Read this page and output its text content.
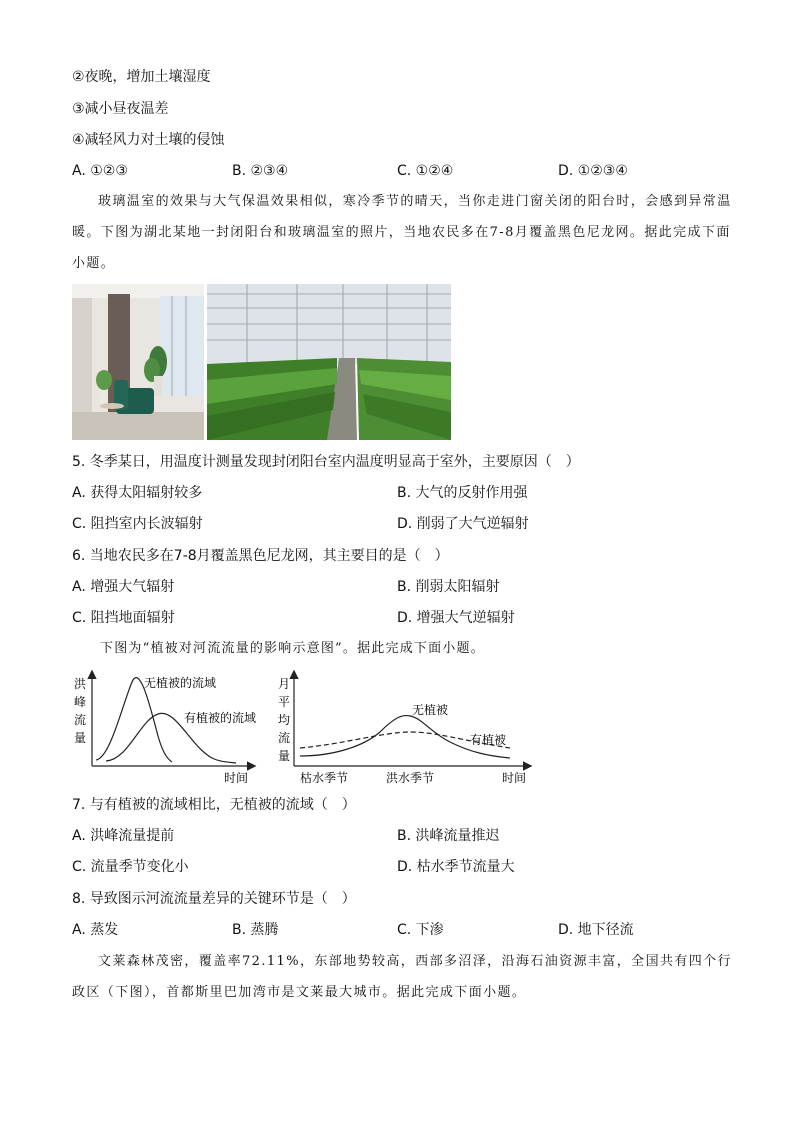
②夜晚，增加土壤湿度
③减小昼夜温差
④减轻风力对土壤的侵蚀
A. ①②③	B. ②③④	C. ①②④	D. ①②③④
玻璃温室的效果与大气保温效果相似，寒冷季节的晴天，当你走进门窗关闭的阳台时，会感到异常温暖。下图为湖北某地一封闭阳台和玻璃温室的照片，当地农民多在7-8月覆盖黑色尼龙网。据此完成下面小题。
5. 冬季某日，用温度计测量发现封闭阳台室内温度明显高于室外，主要原因（　）
A. 获得太阳辐射较多	B. 大气的反射作用强
C. 阻挡室内长波辐射	D. 削弱了大气逆辐射
6. 当地农民多在7-8月覆盖黑色尼龙网，其主要目的是（　）
A. 增强大气辐射	B. 削弱太阳辐射
C. 阻挡地面辐射	D. 增强大气逆辐射
下图为“植被对河流流量的影响示意图”。据此完成下面小题。
洪
峰
流
量
时间
无植被的流域
有植被的流域
月
平
均
流
量
无植被
有植被
枯水季节	洪水季节	时间
7. 与有植被的流域相比，无植被的流域（　）
A. 洪峰流量提前	B. 洪峰流量推迟
C. 流量季节变化小	D. 枯水季节流量大
8. 导致图示河流流量差异的关键环节是（　）
A. 蒸发	B. 蒸腾	C. 下渗	D. 地下径流
文莱森林茂密，覆盖率72.11%，东部地势较高，西部多沼泽，沿海石油资源丰富，全国共有四个行政区（下图），首都斯里巴加湾市是文莱最大城市。据此完成下面小题。
